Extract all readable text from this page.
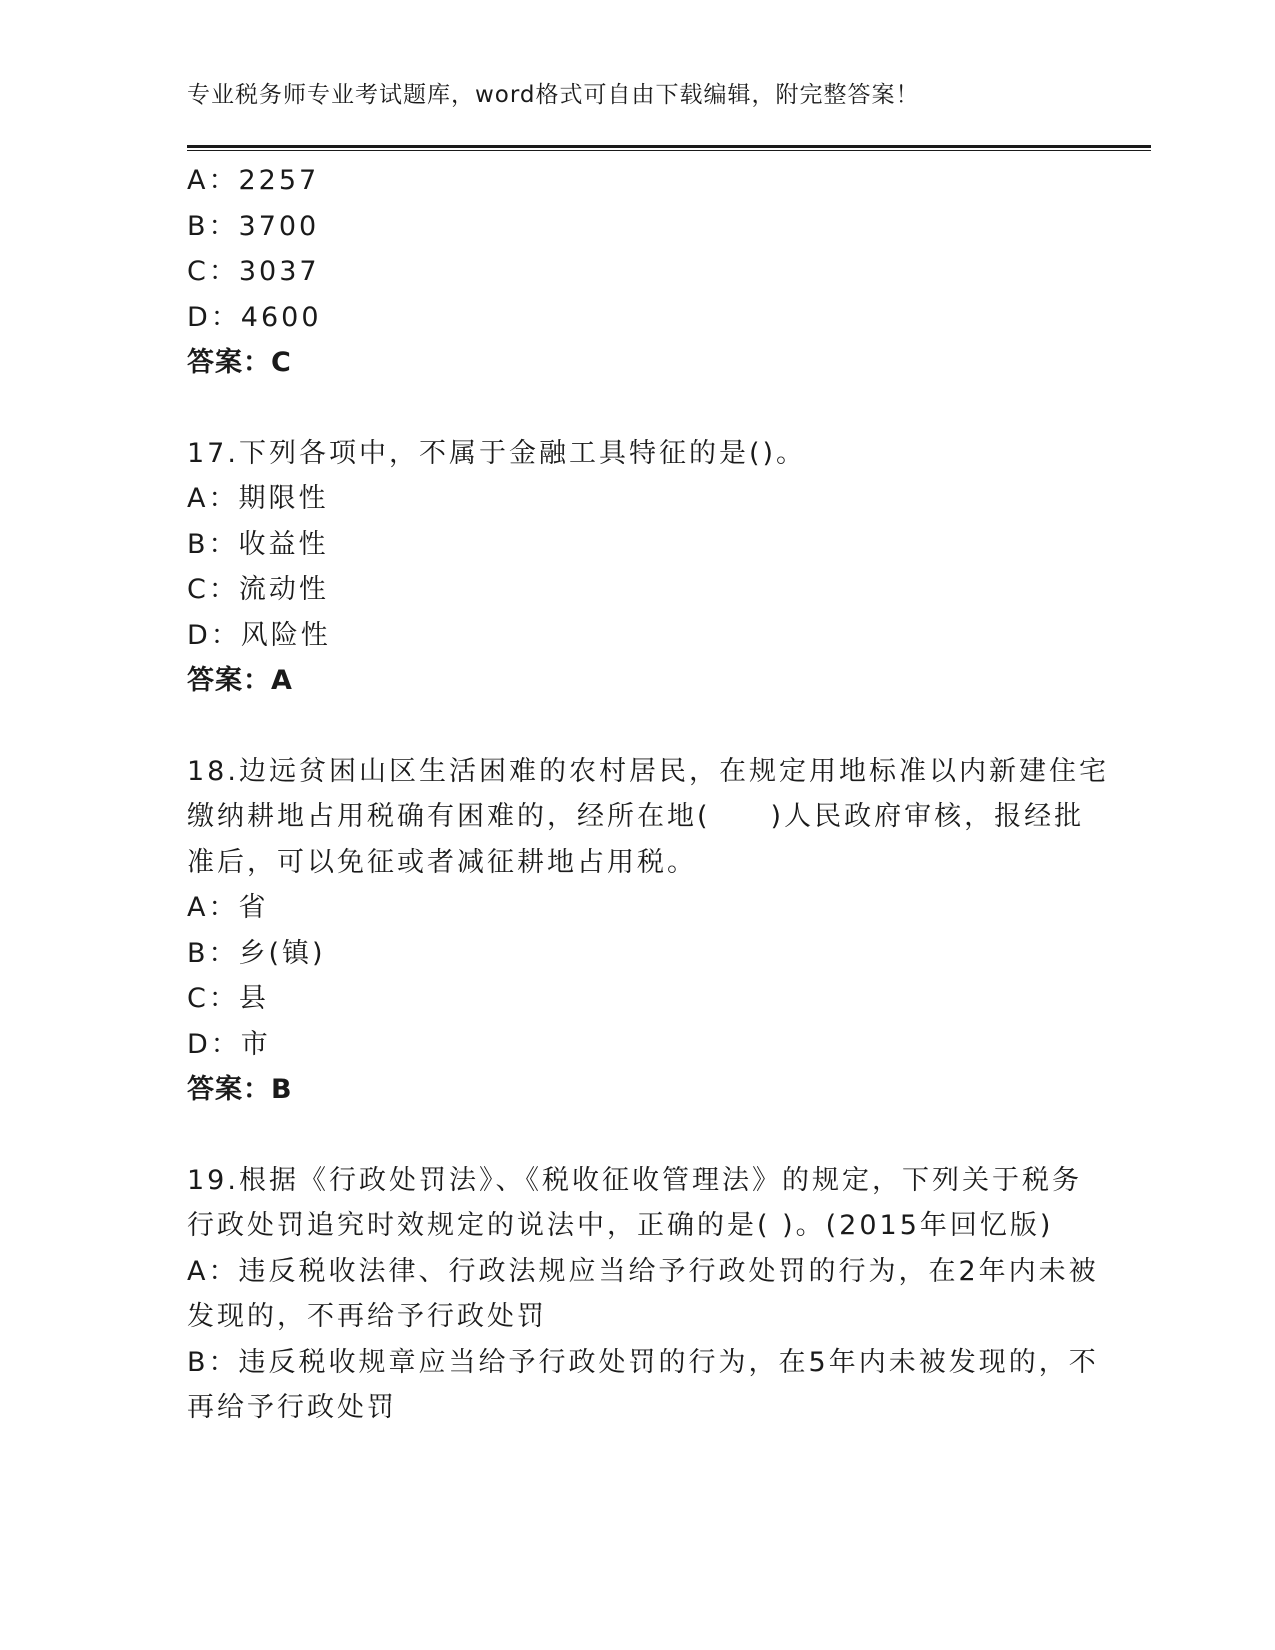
专业税务师专业考试题库，word格式可自由下载编辑，附完整答案！
A：2257
B：3700
C：3037
D：4600
答案：C
17.下列各项中，不属于金融工具特征的是()。
A：期限性
B：收益性
C：流动性
D：风险性
答案：A
18.边远贫困山区生活困难的农村居民，在规定用地标准以内新建住宅
缴纳耕地占用税确有困难的，经所在地(　　)人民政府审核，报经批
准后，可以免征或者减征耕地占用税。
A：省
B：乡(镇)
C：县
D：市
答案：B
19.根据《行政处罚法》、《税收征收管理法》的规定，下列关于税务
行政处罚追究时效规定的说法中，正确的是( )。(2015年回忆版)
A：违反税收法律、行政法规应当给予行政处罚的行为，在2年内未被
发现的，不再给予行政处罚
B：违反税收规章应当给予行政处罚的行为，在5年内未被发现的，不
再给予行政处罚
